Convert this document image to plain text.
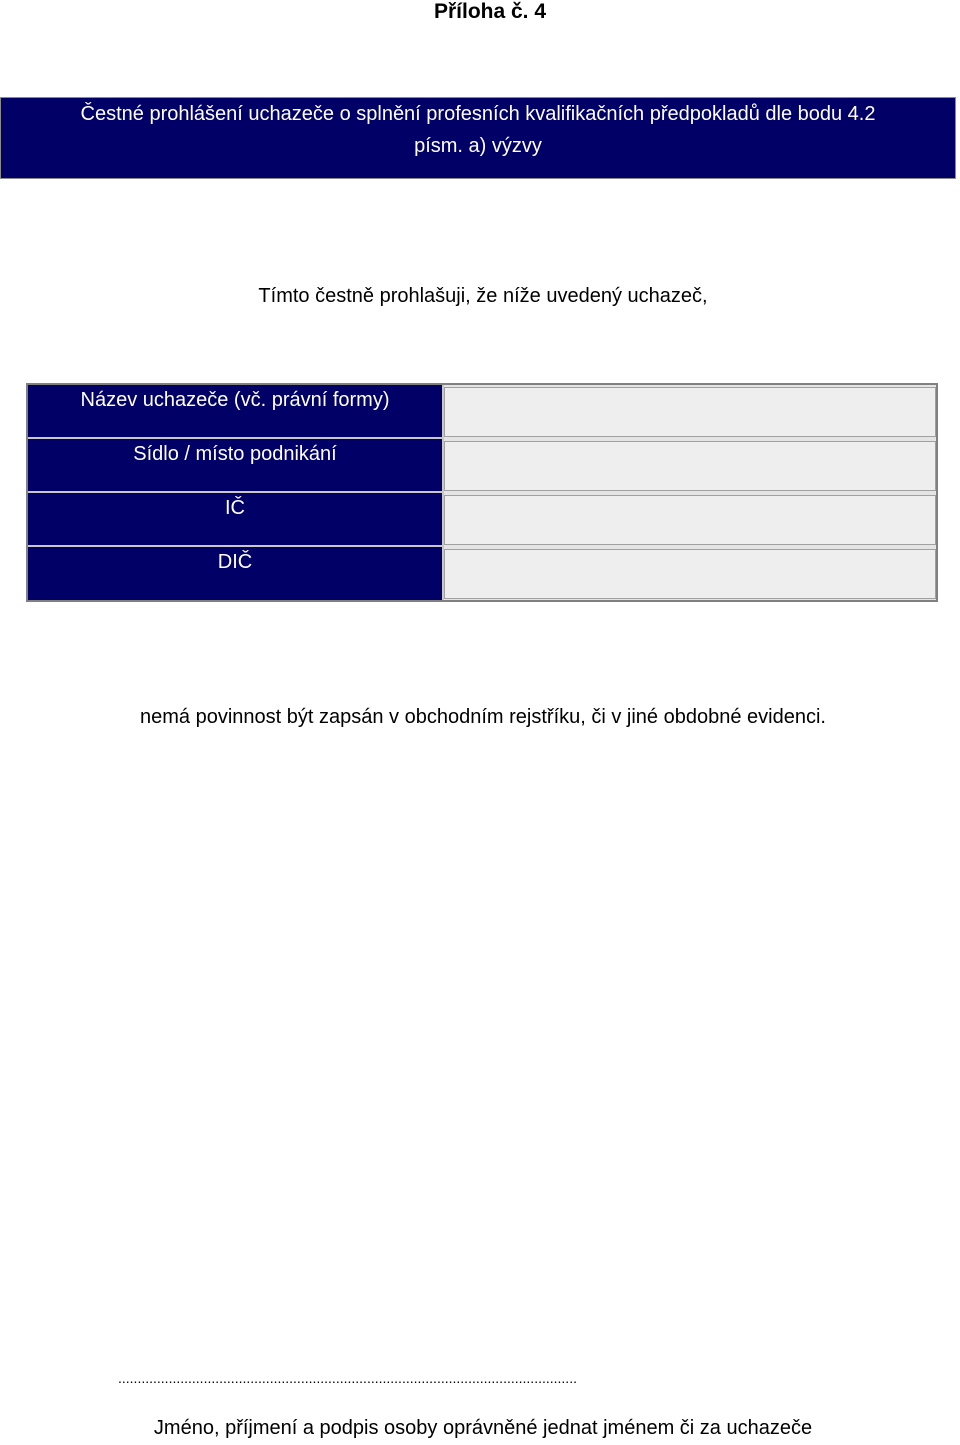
Příloha č. 4
Čestné prohlášení uchazeče o splnění profesních kvalifikačních předpokladů dle bodu 4.2
písm. a) výzvy
Tímto čestně prohlašuji, že níže uvedený uchazeč,
Název uchazeče (vč. právní formy)
Sídlo / místo podnikání
IČ
DIČ
nemá povinnost být zapsán v obchodním rejstříku, či v jiné obdobné evidenci.
......................................................................................................................
Jméno, příjmení a podpis osoby oprávněné jednat jménem či za uchazeče
